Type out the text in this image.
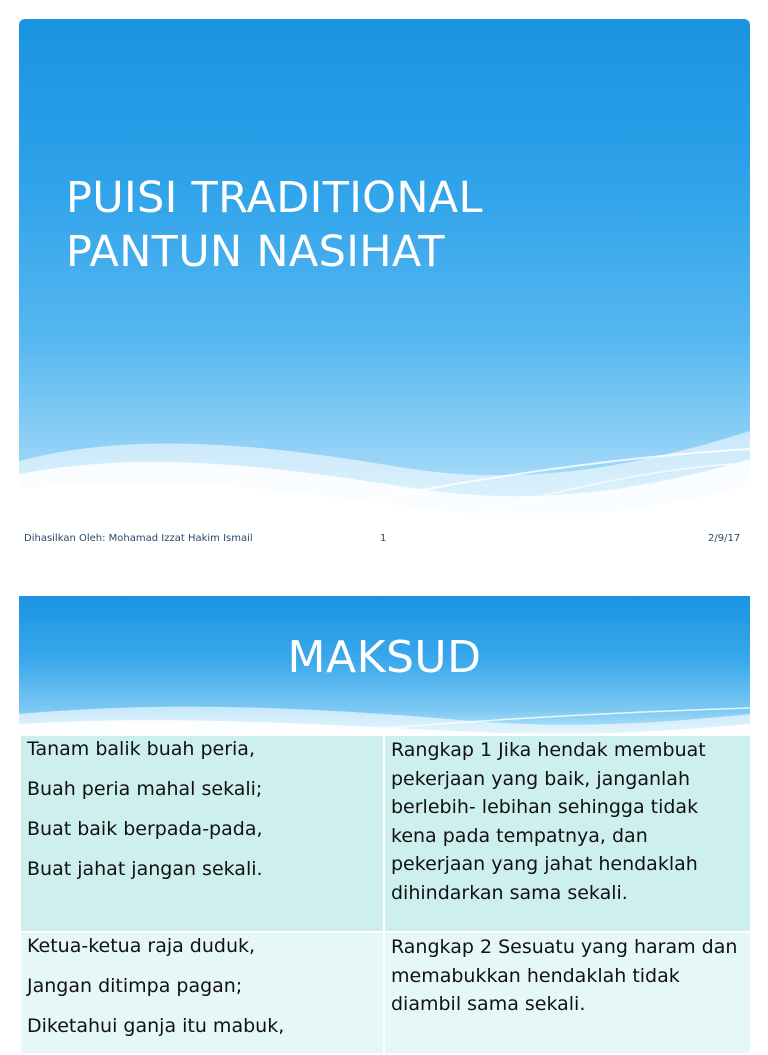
PUISI TRADITIONAL
PANTUN NASIHAT
Dihasilkan Oleh: Mohamad Izzat Hakim Ismail	1	2/9/17
MAKSUD
Tanam balik buah peria,
Buah peria mahal sekali;
Buat baik berpada-pada,
Buat jahat jangan sekali.	Rangkap 1 Jika hendak membuat pekerjaan yang baik, janganlah berlebih- lebihan sehingga tidak kena pada tempatnya, dan pekerjaan yang jahat hendaklah dihindarkan sama sekali.

Ketua-ketua raja duduk,
Jangan ditimpa pagan;
Diketahui ganja itu mabuk,	Rangkap 2 Sesuatu yang haram dan memabukkan hendaklah tidak diambil sama sekali.
